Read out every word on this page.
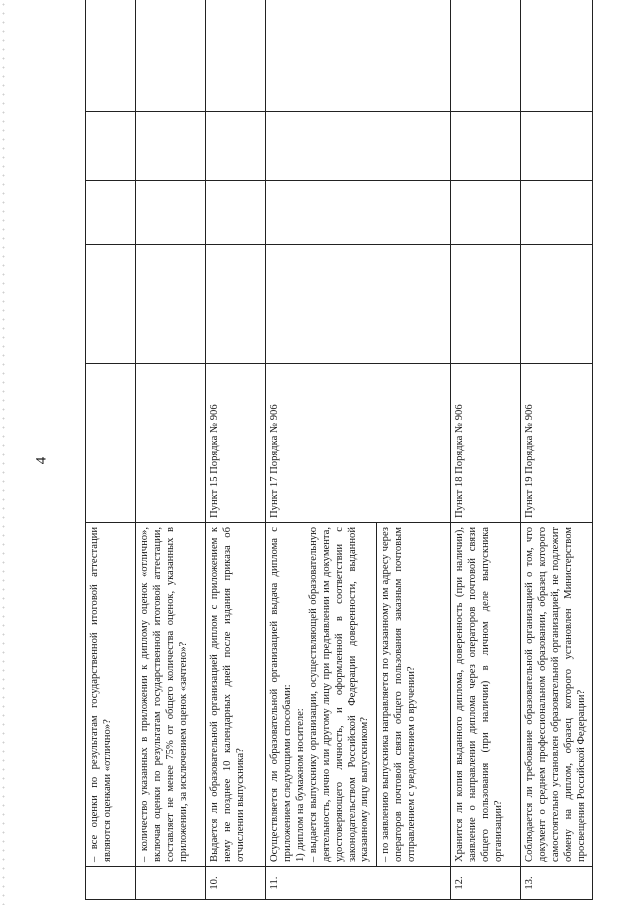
4
	– все оценки по результатам государственной итоговой аттестации являются оценками «отлично»?					
	– количество указанных в приложении к диплому оценок «отлично», включая оценки по результатам государственной итоговой аттестации, составляет не менее 75% от общего количества оценок, указанных в приложении, за исключением оценок «зачтено»?					
10.	Выдается ли образовательной организацией диплом с приложением к нему не позднее 10 календарных дней после издания приказа об отчислении выпускника?	Пункт 15 Порядка № 906				
11.	Осуществляется ли образовательной организацией выдача диплома с приложением следующими способами: 1) диплом на бумажном носителе: – выдается выпускнику организации, осуществляющей образовательную деятельность, лично или другому лицу при предъявлении им документа, удостоверяющего личность, и оформленной в соответствии с законодательством Российской Федерации доверенности, выданной указанному лицу выпускником? – по заявлению выпускника направляется по указанному им адресу через операторов почтовой связи общего пользования заказным почтовым отправлением с уведомлением о вручении?	Пункт 17 Порядка № 906				
12.	Хранится ли копия выданного диплома, доверенность (при наличии), заявление о направлении диплома через операторов почтовой связи общего пользования (при наличии) в личном деле выпускника организации?	Пункт 18 Порядка № 906				
13.	Соблюдается ли требование образовательной организацией о том, что документ о среднем профессиональном образовании, образец которого самостоятельно установлен образовательной организацией, не подлежит обмену на диплом, образец которого установлен Министерством просвещения Российской Федерации?	Пункт 19 Порядка № 906				
